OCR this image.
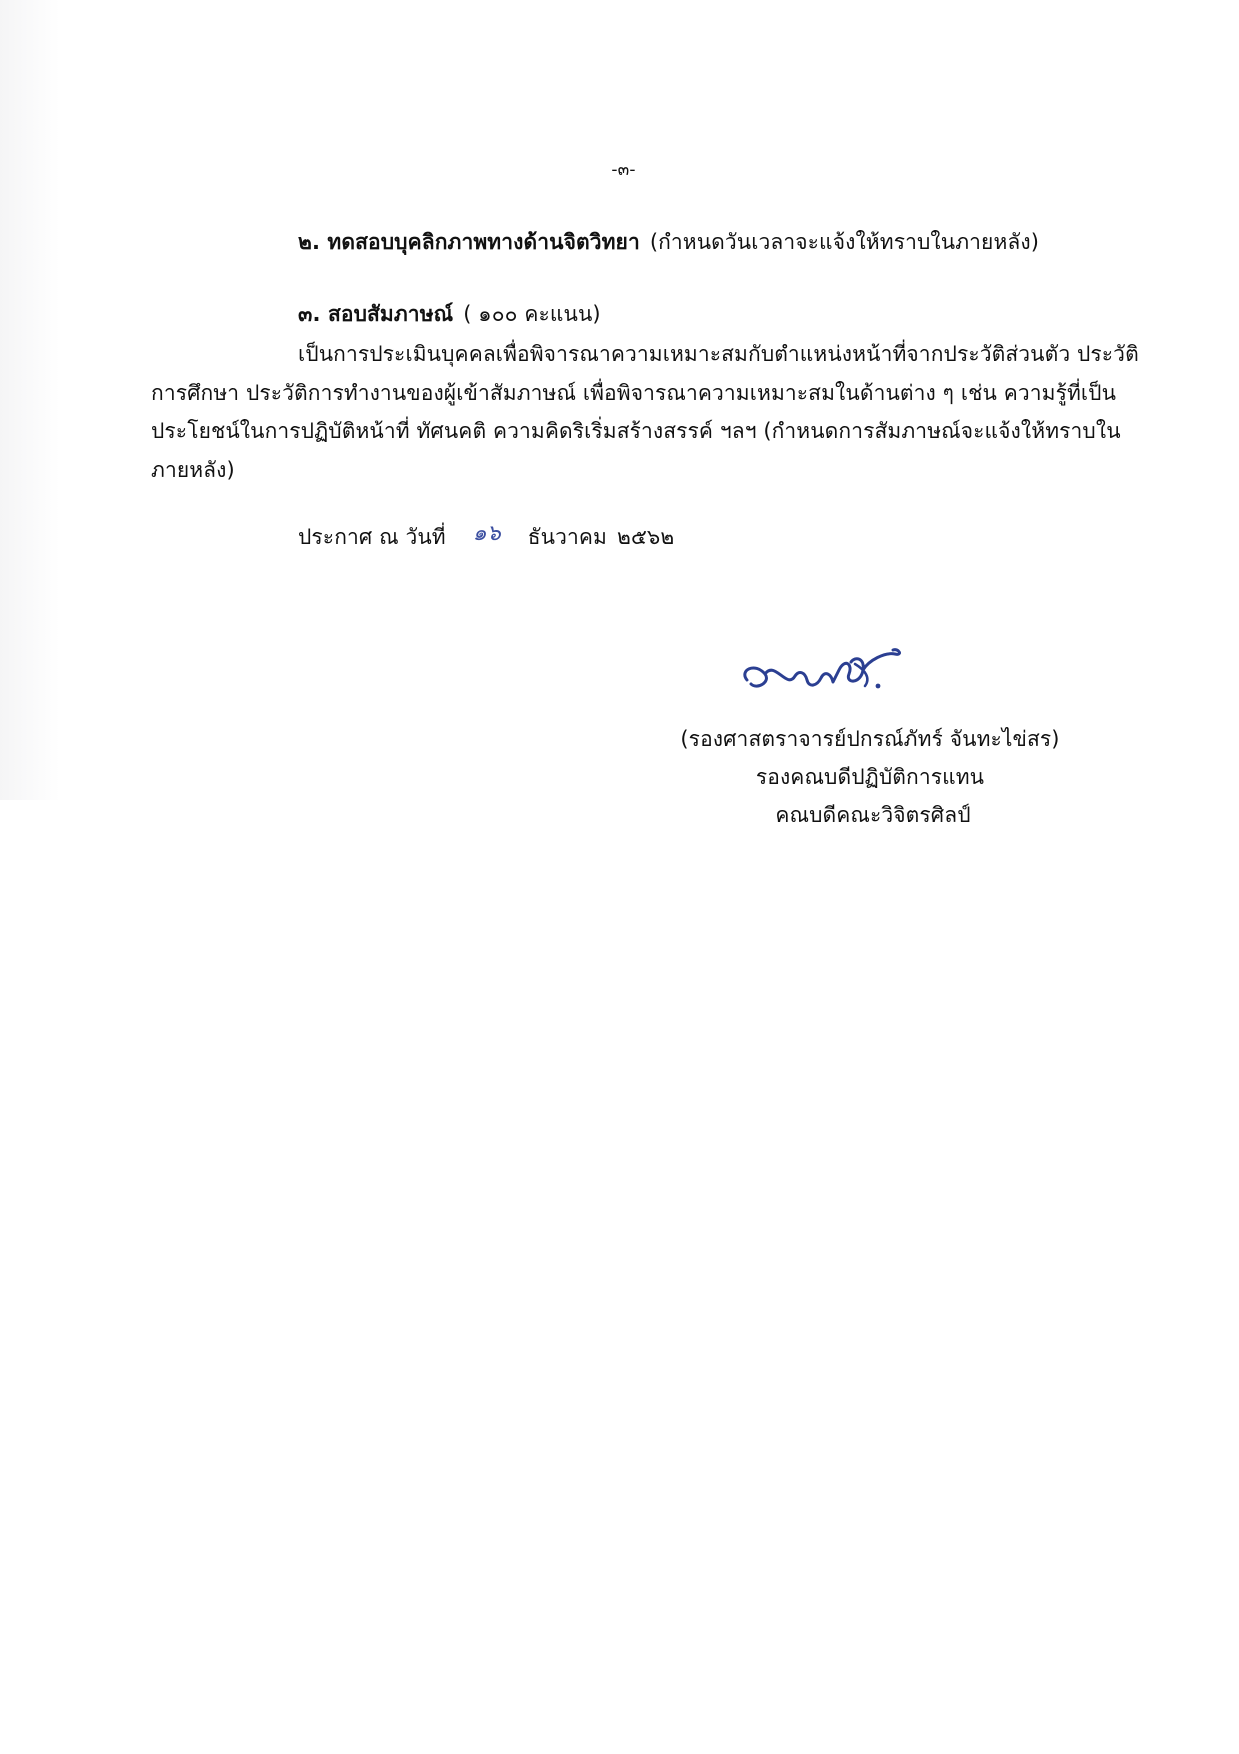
-๓-
๒. ทดสอบบุคลิกภาพทางด้านจิตวิทยา (กำหนดวันเวลาจะแจ้งให้ทราบในภายหลัง)
๓. สอบสัมภาษณ์ ( ๑๐๐ คะแนน)
เป็นการประเมินบุคคลเพื่อพิจารณาความเหมาะสมกับตำแหน่งหน้าที่จากประวัติส่วนตัว ประวัติ
การศึกษา ประวัติการทำงานของผู้เข้าสัมภาษณ์ เพื่อพิจารณาความเหมาะสมในด้านต่าง ๆ เช่น ความรู้ที่เป็น
ประโยชน์ในการปฏิบัติหน้าที่ ทัศนคติ ความคิดริเริ่มสร้างสรรค์ ฯลฯ (กำหนดการสัมภาษณ์จะแจ้งให้ทราบใน
ภายหลัง)
ประกาศ ณ วันที่ ๑๖ ธันวาคม ๒๕๖๒
(รองศาสตราจารย์ปกรณ์ภัทร์ จันทะไข่สร)
รองคณบดีปฏิบัติการแทน
คณบดีคณะวิจิตรศิลป์
